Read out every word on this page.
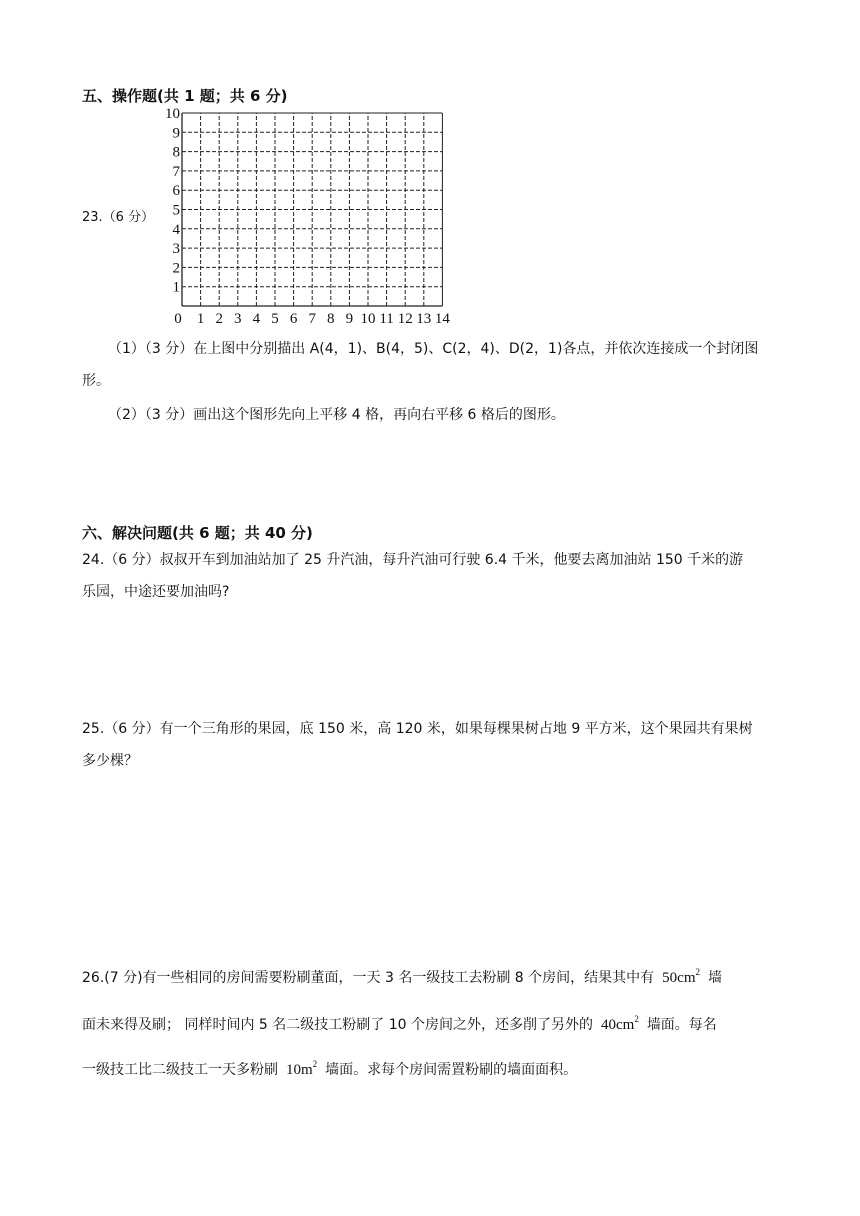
五、操作题(共 1 题；共 6 分)
23.（6 分）
0 1 2 3 4 5 6 7 8 9 10 11 12 13 14
1
2
3
4
5
6
7
8
9
10
（1）（3 分）在上图中分别描出 A(4，1)、B(4，5)、C(2，4)、D(2，1)各点，并依次连接成一个封闭图
形。
（2）（3 分）画出这个图形先向上平移 4 格，再向右平移 6 格后的图形。
六、解决问题(共 6 题；共 40 分)
24.（6 分）叔叔开车到加油站加了 25 升汽油，每升汽油可行驶 6.4 千米，他要去离加油站 150 千米的游
乐园，中途还要加油吗?
25.（6 分）有一个三角形的果园，底 150 米，高 120 米，如果每棵果树占地 9 平方米，这个果园共有果树
多少棵？
26.(7 分)有一些相同的房间需要粉刷董面，一天 3 名一级技工去粉刷 8 个房间，结果其中有 $50cm^2$ 墙
面未来得及刷； 同样时间内 5 名二级技工粉刷了 10 个房间之外，还多削了另外的 $40cm^2$ 墙面。每名
一级技工比二级技工一天多粉刷 $10m^2$ 墙面。求每个房间需置粉刷的墙面面积。
